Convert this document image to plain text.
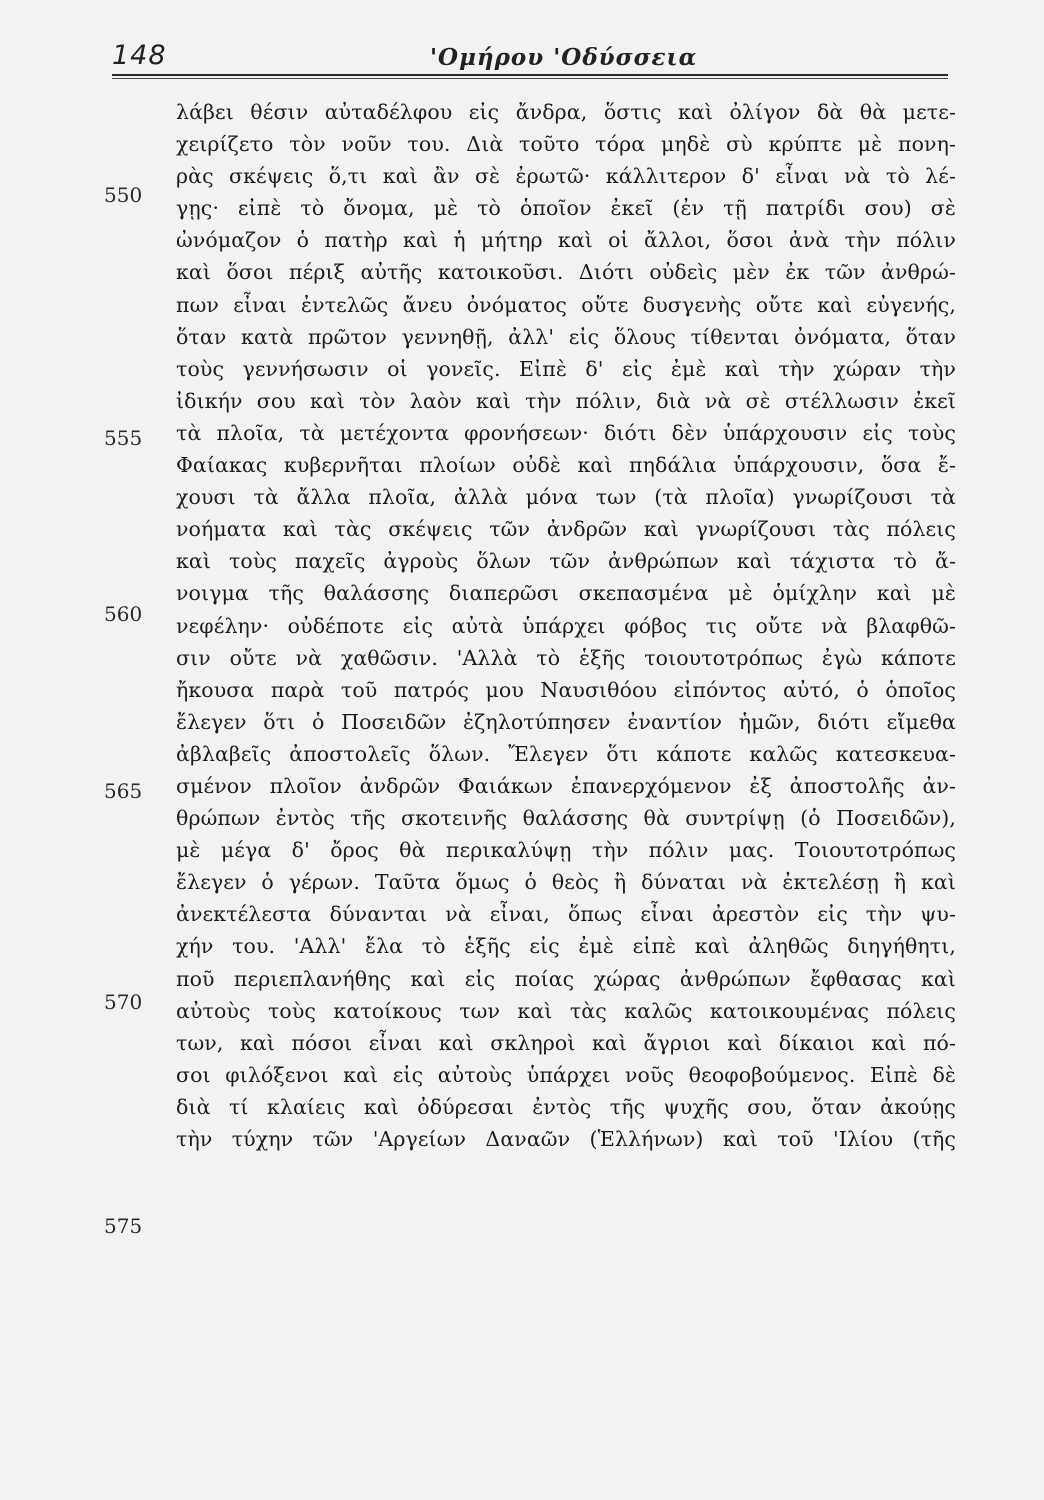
148	'Ομήρου 'Οδύσσεια
550
555
560
565
570
575
λάβει θέσιν αὐταδέλφου εἰς ἄνδρα, ὅστις καὶ ὀλίγον δὰ θὰ μετε-
χειρίζετο τὸν νοῦν του. Διὰ τοῦτο τόρα μηδὲ σὺ κρύπτε μὲ πονη-
ρὰς σκέψεις ὅ,τι καὶ ἂν σὲ ἐρωτῶ· κάλλιτερον δ' εἶναι νὰ τὸ λέ-
γῃς· εἰπὲ τὸ ὄνομα, μὲ τὸ ὁποῖον ἐκεῖ (ἐν τῇ πατρίδι σου) σὲ
ὠνόμαζον ὁ πατὴρ καὶ ἡ μήτηρ καὶ οἱ ἄλλοι, ὅσοι ἀνὰ τὴν πόλιν
καὶ ὅσοι πέριξ αὐτῆς κατοικοῦσι. Διότι οὐδεὶς μὲν ἐκ τῶν ἀνθρώ-
πων εἶναι ἐντελῶς ἄνευ ὀνόματος οὔτε δυσγενὴς οὔτε καὶ εὐγενής,
ὅταν κατὰ πρῶτον γεννηθῇ, ἀλλ' εἰς ὅλους τίθενται ὀνόματα, ὅταν
τοὺς γεννήσωσιν οἱ γονεῖς. Εἰπὲ δ' εἰς ἐμὲ καὶ τὴν χώραν τὴν
ἰδικήν σου καὶ τὸν λαὸν καὶ τὴν πόλιν, διὰ νὰ σὲ στέλλωσιν ἐκεῖ
τὰ πλοῖα, τὰ μετέχοντα φρονήσεων· διότι δὲν ὑπάρχουσιν εἰς τοὺς
Φαίακας κυβερνῆται πλοίων οὐδὲ καὶ πηδάλια ὑπάρχουσιν, ὅσα ἔ-
χουσι τὰ ἄλλα πλοῖα, ἀλλὰ μόνα των (τὰ πλοῖα) γνωρίζουσι τὰ
νοήματα καὶ τὰς σκέψεις τῶν ἀνδρῶν καὶ γνωρίζουσι τὰς πόλεις
καὶ τοὺς παχεῖς ἀγροὺς ὅλων τῶν ἀνθρώπων καὶ τάχιστα τὸ ἄ-
νοιγμα τῆς θαλάσσης διαπερῶσι σκεπασμένα μὲ ὁμίχλην καὶ μὲ
νεφέλην· οὐδέποτε εἰς αὐτὰ ὑπάρχει φόβος τις οὔτε νὰ βλαφθῶ-
σιν οὔτε νὰ χαθῶσιν. 'Αλλὰ τὸ ἑξῆς τοιουτοτρόπως ἐγὼ κάποτε
ἤκουσα παρὰ τοῦ πατρός μου Ναυσιθόου εἰπόντος αὐτό, ὁ ὁποῖος
ἔλεγεν ὅτι ὁ Ποσειδῶν ἐζηλοτύπησεν ἐναντίον ἡμῶν, διότι εἴμεθα
ἀβλαβεῖς ἀποστολεῖς ὅλων. Ἔλεγεν ὅτι κάποτε καλῶς κατεσκευα-
σμένον πλοῖον ἀνδρῶν Φαιάκων ἐπανερχόμενον ἐξ ἀποστολῆς ἀν-
θρώπων ἐντὸς τῆς σκοτεινῆς θαλάσσης θὰ συντρίψῃ (ὁ Ποσειδῶν),
μὲ μέγα δ' ὄρος θὰ περικαλύψῃ τὴν πόλιν μας. Τοιουτοτρόπως
ἔλεγεν ὁ γέρων. Ταῦτα ὅμως ὁ θεὸς ἢ δύναται νὰ ἐκτελέσῃ ἢ καὶ
ἀνεκτέλεστα δύνανται νὰ εἶναι, ὅπως εἶναι ἀρεστὸν εἰς τὴν ψυ-
χήν του. 'Αλλ' ἔλα τὸ ἑξῆς εἰς ἐμὲ εἰπὲ καὶ ἀληθῶς διηγήθητι,
ποῦ περιεπλανήθης καὶ εἰς ποίας χώρας ἀνθρώπων ἔφθασας καὶ
αὐτοὺς τοὺς κατοίκους των καὶ τὰς καλῶς κατοικουμένας πόλεις
των, καὶ πόσοι εἶναι καὶ σκληροὶ καὶ ἄγριοι καὶ δίκαιοι καὶ πό-
σοι φιλόξενοι καὶ εἰς αὐτοὺς ὑπάρχει νοῦς θεοφοβούμενος. Εἰπὲ δὲ
διὰ τί κλαίεις καὶ ὀδύρεσαι ἐντὸς τῆς ψυχῆς σου, ὅταν ἀκούῃς
τὴν τύχην τῶν 'Αργείων Δαναῶν (Ἑλλήνων) καὶ τοῦ 'Ιλίου (τῆς
